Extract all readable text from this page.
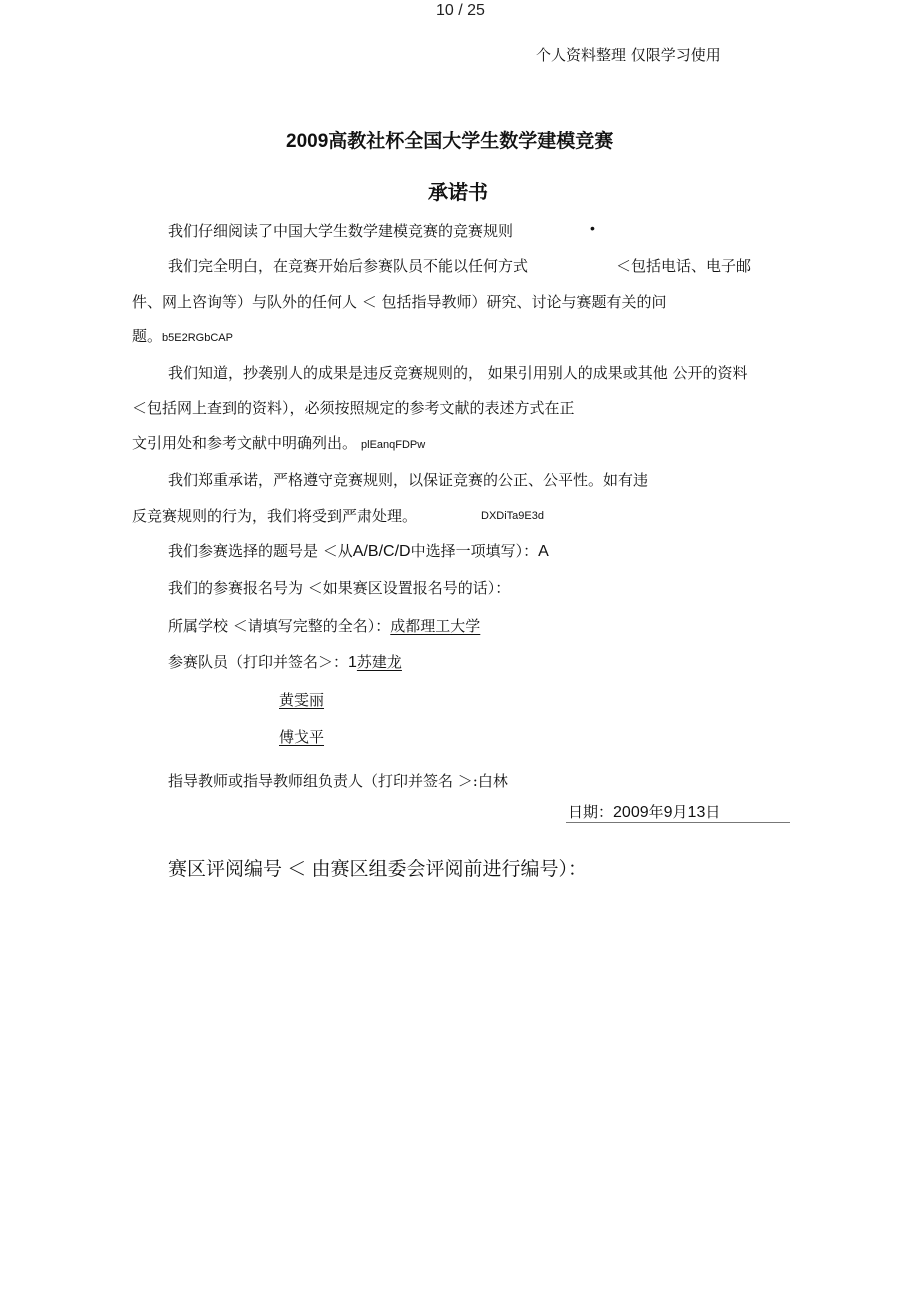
10 / 25
个人资料整理 仅限学习使用
2009高教社杯全国大学生数学建模竞赛
承诺书
我们仔细阅读了中国大学生数学建模竞赛的竞赛规则	•
我们完全明白，在竞赛开始后参赛队员不能以任何方式	＜包括电话、电子邮
件、网上咨询等）与队外的任何人 ＜ 包括指导教师）研究、讨论与赛题有关的问
题。b5E2RGbCAP
我们知道，抄袭别人的成果是违反竞赛规则的， 如果引用别人的成果或其他 公开的资料
＜包括网上查到的资料），必须按照规定的参考文献的表述方式在正
文引用处和参考文献中明确列出。 plEanqFDPw
我们郑重承诺，严格遵守竞赛规则，以保证竞赛的公正、公平性。如有违
反竞赛规则的行为，我们将受到严肃处理。	DXDiTa9E3d
我们参赛选择的题号是 ＜从A/B/C/D中选择一项填写）：A
我们的参赛报名号为 ＜如果赛区设置报名号的话）：
所属学校 ＜请填写完整的全名）：成都理工大学
参赛队员（打印并签名＞：1苏建龙
黄雯丽
傅戈平
指导教师或指导教师组负责人（打印并签名 ＞:白林
日期：2009年9月13日
赛区评阅编号 ＜ 由赛区组委会评阅前进行编号）：
